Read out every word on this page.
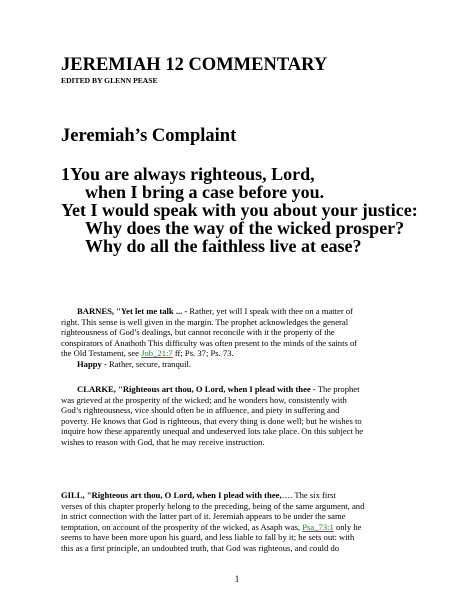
JEREMIAH 12 COMMENTARY
EDITED BY GLENN PEASE
Jeremiah’s Complaint
1You are always righteous, Lord,
when I bring a case before you.
Yet I would speak with you about your justice:
Why does the way of the wicked prosper?
Why do all the faithless live at ease?
BARNES, "Yet let me talk ... - Rather, yet will I speak with thee on a matter of
right. This sense is well given in the margin. The prophet acknowledges the general
righteousness of God’s dealings, but cannot reconcile with it the property of the
conspirators of Anathoth This difficulty was often present to the minds of the saints of
the Old Testament, see Job_21:7 ff; Ps. 37; Ps. 73.
Happy - Rather, secure, tranquil.
CLARKE, "Righteous art thou, O Lord, when I plead with thee - The prophet
was grieved at the prosperity of the wicked; and he wonders how, consistently with
God’s righteousness, vice should often be in affluence, and piety in suffering and
poverty. He knows that God is righteous, that every thing is done well; but he wishes to
inquire how these apparently unequal and undeserved lots take place. On this subject he
wishes to reason with God, that he may receive instruction.
GILL, "Righteous art thou, O Lord, when I plead with thee,…. The six first
verses of this chapter properly belong to the preceding, being of the same argument, and
in strict connection with the latter part of it. Jeremiah appears to be under the same
temptation, on account of the prosperity of the wicked, as Asaph was, Psa_73:1 only he
seems to have been more upon his guard, and less liable to fall by it; he sets out: with
this as a first principle, an undoubted truth, that God was righteous, and could do
1
